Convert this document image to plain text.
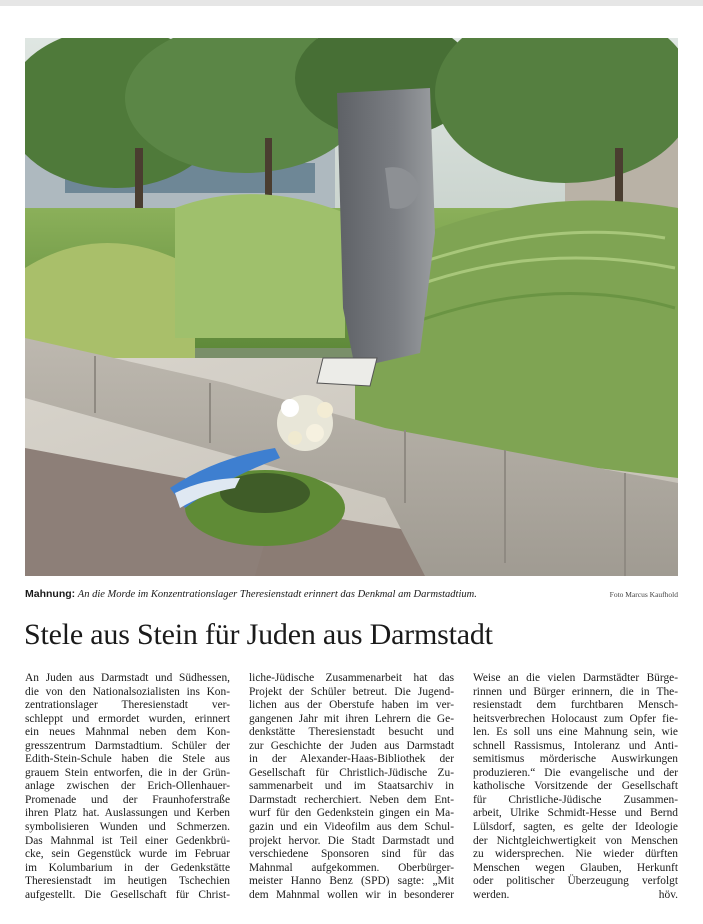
Mahnung: An die Morde im Konzentrationslager Theresienstadt erinnert das Denkmal am Darmstadtium.	Foto Marcus Kaufhold
Stele aus Stein für Juden aus Darmstadt
An Juden aus Darmstadt und Südhessen,
die von den Nationalsozialisten ins Kon-
zentrationslager Theresienstadt ver-
schleppt und ermordet wurden, erinnert
ein neues Mahnmal neben dem Kon-
gresszentrum Darmstadtium. Schüler der
Edith-Stein-Schule haben die Stele aus
grauem Stein entworfen, die in der Grün-
anlage zwischen der Erich-Ollenhauer-
Promenade und der Fraunhoferstraße
ihren Platz hat. Auslassungen und Kerben
symbolisieren Wunden und Schmerzen.
Das Mahnmal ist Teil einer Gedenkbrü-
cke, sein Gegenstück wurde im Februar
im Kolumbarium in der Gedenkstätte
Theresienstadt im heutigen Tschechien
aufgestellt. Die Gesellschaft für Christ-
liche-Jüdische Zusammenarbeit hat das
Projekt der Schüler betreut. Die Jugend-
lichen aus der Oberstufe haben im ver-
gangenen Jahr mit ihren Lehrern die Ge-
denkstätte Theresienstadt besucht und
zur Geschichte der Juden aus Darmstadt
in der Alexander-Haas-Bibliothek der
Gesellschaft für Christlich-Jüdische Zu-
sammenarbeit und im Staatsarchiv in
Darmstadt recherchiert. Neben dem Ent-
wurf für den Gedenkstein gingen ein Ma-
gazin und ein Videofilm aus dem Schul-
projekt hervor. Die Stadt Darmstadt und
verschiedene Sponsoren sind für das
Mahnmal aufgekommen. Oberbürger-
meister Hanno Benz (SPD) sagte: „Mit
dem Mahnmal wollen wir in besonderer
Weise an die vielen Darmstädter Bürge-
rinnen und Bürger erinnern, die in The-
resienstadt dem furchtbaren Mensch-
heitsverbrechen Holocaust zum Opfer fie-
len. Es soll uns eine Mahnung sein, wie
schnell Rassismus, Intoleranz und Anti-
semitismus mörderische Auswirkungen
produzieren.“ Die evangelische und der
katholische Vorsitzende der Gesellschaft
für Christliche-Jüdische Zusammen-
arbeit, Ulrike Schmidt-Hesse und Bernd
Lülsdorf, sagten, es gelte der Ideologie
der Nichtgleichwertigkeit von Menschen
zu widersprechen. Nie wieder dürften
Menschen wegen Glauben, Herkunft
oder politischer Überzeugung verfolgt
werden.	höv.
